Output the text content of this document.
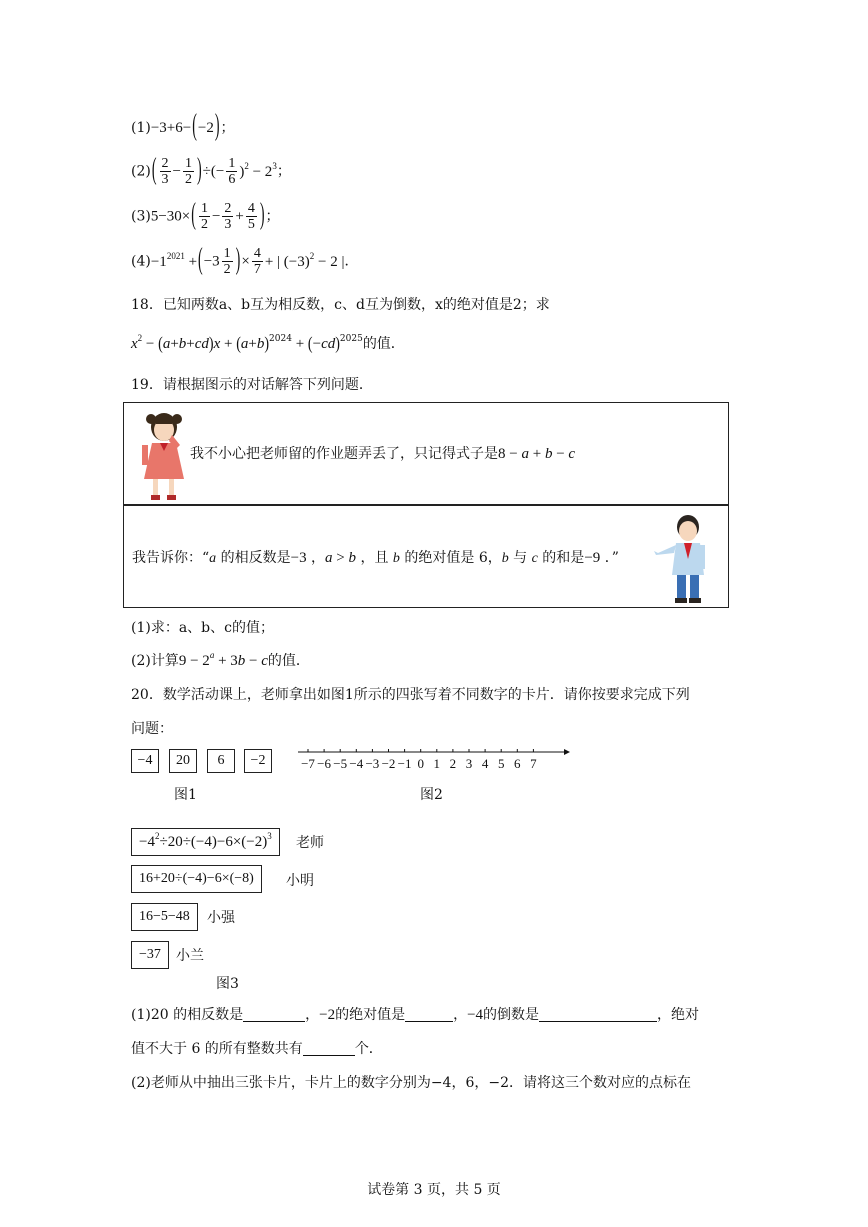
(1)−3+6−(−2)；
$(2)( \frac{2}{3} - \frac{1}{2}$ )÷(− $\frac{1}{6} )^2 - 2^3$；
$(3)5-30\times( \frac{1}{2} - \frac{2}{3} + \frac{4}{5}$ )；
$(4)-1^{2021} +(-3 \frac{1}{2}$ )× $\frac{4}{7}$ + | $(-3)^2 - 2$ |．
18．已知两数a、b互为相反数，c、d互为倒数，x的绝对值是2；求
$x^2 - (a+b+cd)x + (a+b)^{2024} + (-cd)^{2025}$的值．
19．请根据图示的对话解答下列问题．
我不小心把老师留的作业题弄丢了，只记得式子是8 − a + b − c
我告诉你：“a 的相反数是−3 ，a > b ，且 b 的绝对值是 6，b 与 c 的和是−9 ．”
(1)求：a、b、c的值；
(2)计算$9 - 2^a + 3b - c$的值．
20．数学活动课上，老师拿出如图1所示的四张写着不同数字的卡片．请你按要求完成下列
问题：
−4	20	6	−2
图1
−7 −6 −5 −4 −3 −2 −1 0 1 2 3 4 5 6 7
图2
$-4^2\div 20\div(-4)-6\times(-2)^3$	老师
16+20÷(−4)−6×(−8)	小明
16−5−48	小强
−37	小兰
图3
(1)20 的相反数是	，−2的绝对值是	，−4的倒数是	，绝对
值不大于 6 的所有整数共有	个．
(2)老师从中抽出三张卡片，卡片上的数字分别为−4，6，−2．请将这三个数对应的点标在
试卷第 3 页，共 5 页
